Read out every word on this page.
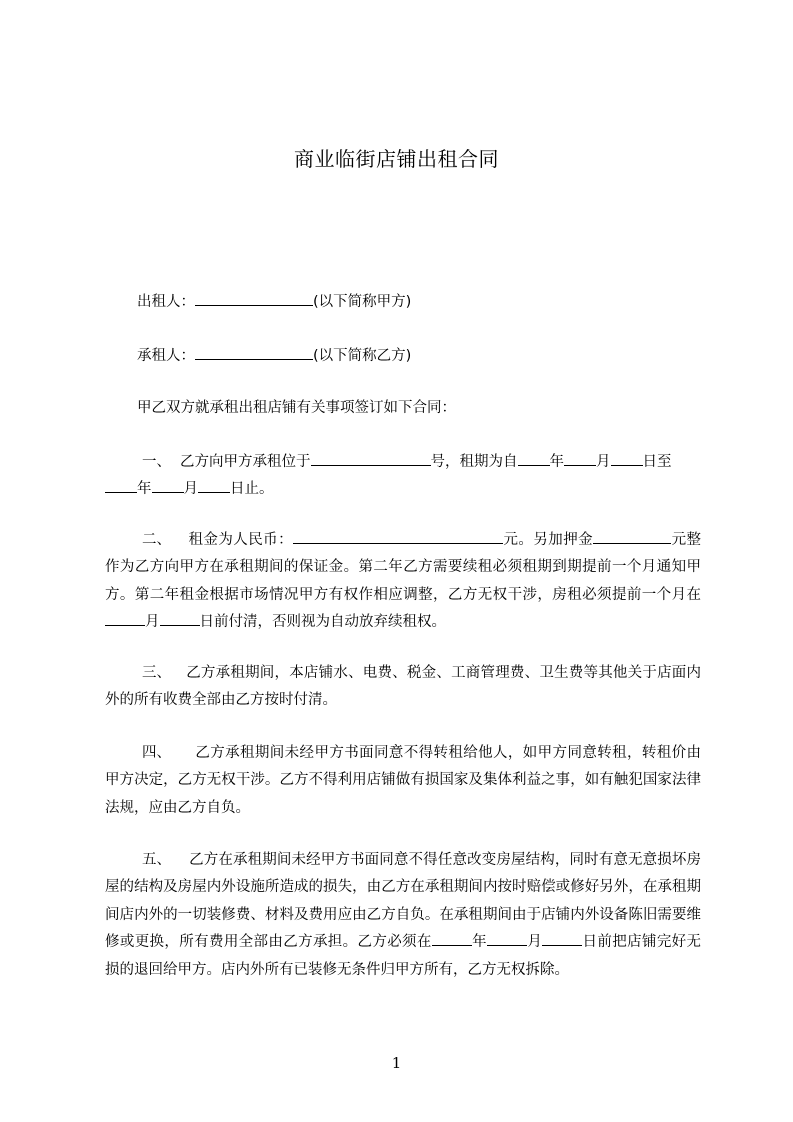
商业临街店铺出租合同
出租人：	(以下简称甲方)
承租人：	(以下简称乙方)
甲乙双方就承租出租店铺有关事项签订如下合同：
一、 乙方向甲方承租位于	号，租期为自 年 月 日至
年 月 日止。
二、 租金为人民币：	元。另加押金	元整作为乙方向甲方在承租期间的保证金。第二年乙方需要续租必须租期到期提前一个月通知甲方。第二年租金根据市场情况甲方有权作相应调整，乙方无权干涉，房租必须提前一个月在月	日前付清，否则视为自动放弃续租权。
三、 乙方承租期间，本店铺水、电费、税金、工商管理费、卫生费等其他关于店面内外的所有收费全部由乙方按时付清。
四、 乙方承租期间未经甲方书面同意不得转租给他人，如甲方同意转租，转租价由甲方决定，乙方无权干涉。乙方不得利用店铺做有损国家及集体利益之事，如有触犯国家法律法规，应由乙方自负。
五、 乙方在承租期间未经甲方书面同意不得任意改变房屋结构，同时有意无意损坏房屋的结构及房屋内外设施所造成的损失，由乙方在承租期间内按时赔偿或修好另外，在承租期间店内外的一切装修费、材料及费用应由乙方自负。在承租期间由于店铺内外设备陈旧需要维修或更换，所有费用全部由乙方承担。乙方必须在	年	月	日前把店铺完好无损的退回给甲方。店内外所有已装修无条件归甲方所有，乙方无权拆除。
1
